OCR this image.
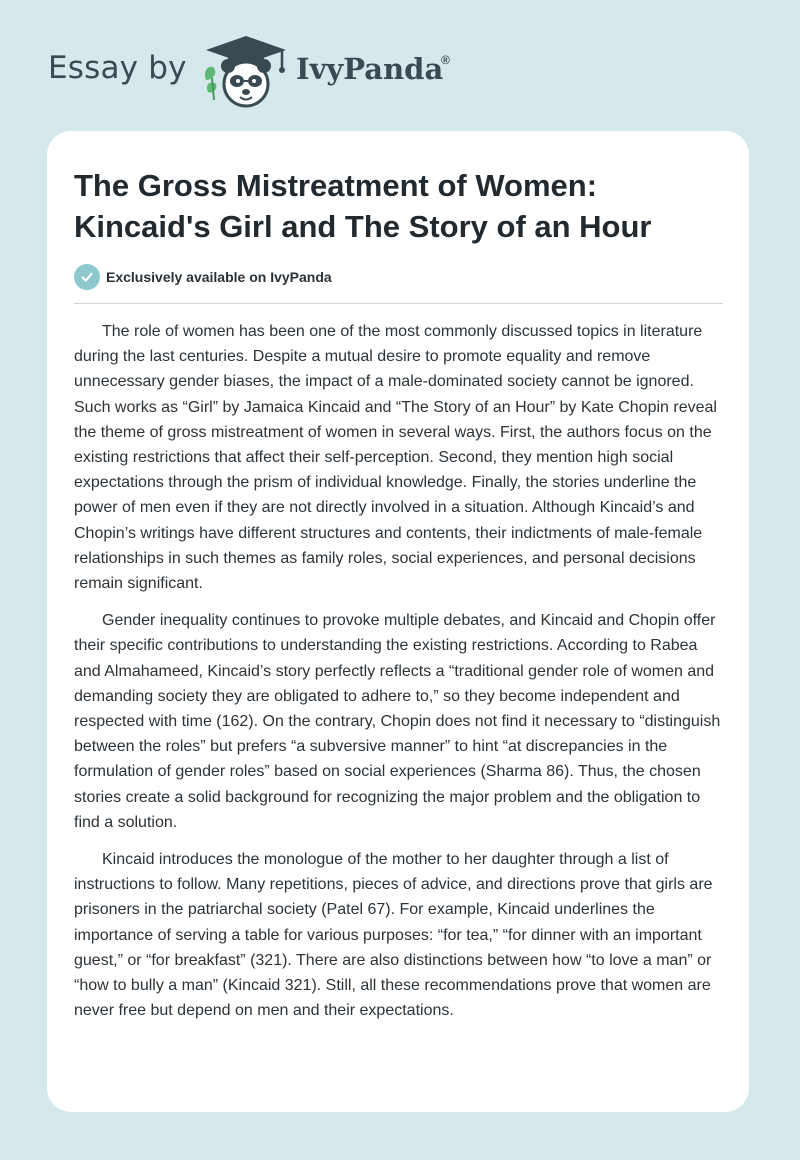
Essay by	IvyPanda
®
The Gross Mistreatment of Women: Kincaid's Girl and The Story of an Hour
Exclusively available on IvyPanda

The role of women has been one of the most commonly discussed topics in literature during the last centuries. Despite a mutual desire to promote equality and remove unnecessary gender biases, the impact of a male-dominated society cannot be ignored. Such works as “Girl” by Jamaica Kincaid and “The Story of an Hour” by Kate Chopin reveal the theme of gross mistreatment of women in several ways. First, the authors focus on the existing restrictions that affect their self-perception. Second, they mention high social expectations through the prism of individual knowledge. Finally, the stories underline the power of men even if they are not directly involved in a situation. Although Kincaid’s and Chopin’s writings have different structures and contents, their indictments of male-female relationships in such themes as family roles, social experiences, and personal decisions remain significant.

Gender inequality continues to provoke multiple debates, and Kincaid and Chopin offer their specific contributions to understanding the existing restrictions. According to Rabea and Almahameed, Kincaid’s story perfectly reflects a “traditional gender role of women and demanding society they are obligated to adhere to,” so they become independent and respected with time (162). On the contrary, Chopin does not find it necessary to “distinguish between the roles” but prefers “a subversive manner” to hint “at discrepancies in the formulation of gender roles” based on social experiences (Sharma 86). Thus, the chosen stories create a solid background for recognizing the major problem and the obligation to find a solution.

Kincaid introduces the monologue of the mother to her daughter through a list of instructions to follow. Many repetitions, pieces of advice, and directions prove that girls are prisoners in the patriarchal society (Patel 67). For example, Kincaid underlines the importance of serving a table for various purposes: “for tea,” “for dinner with an important guest,” or “for breakfast” (321). There are also distinctions between how “to love a man” or “how to bully a man” (Kincaid 321). Still, all these recommendations prove that women are never free but depend on men and their expectations.
